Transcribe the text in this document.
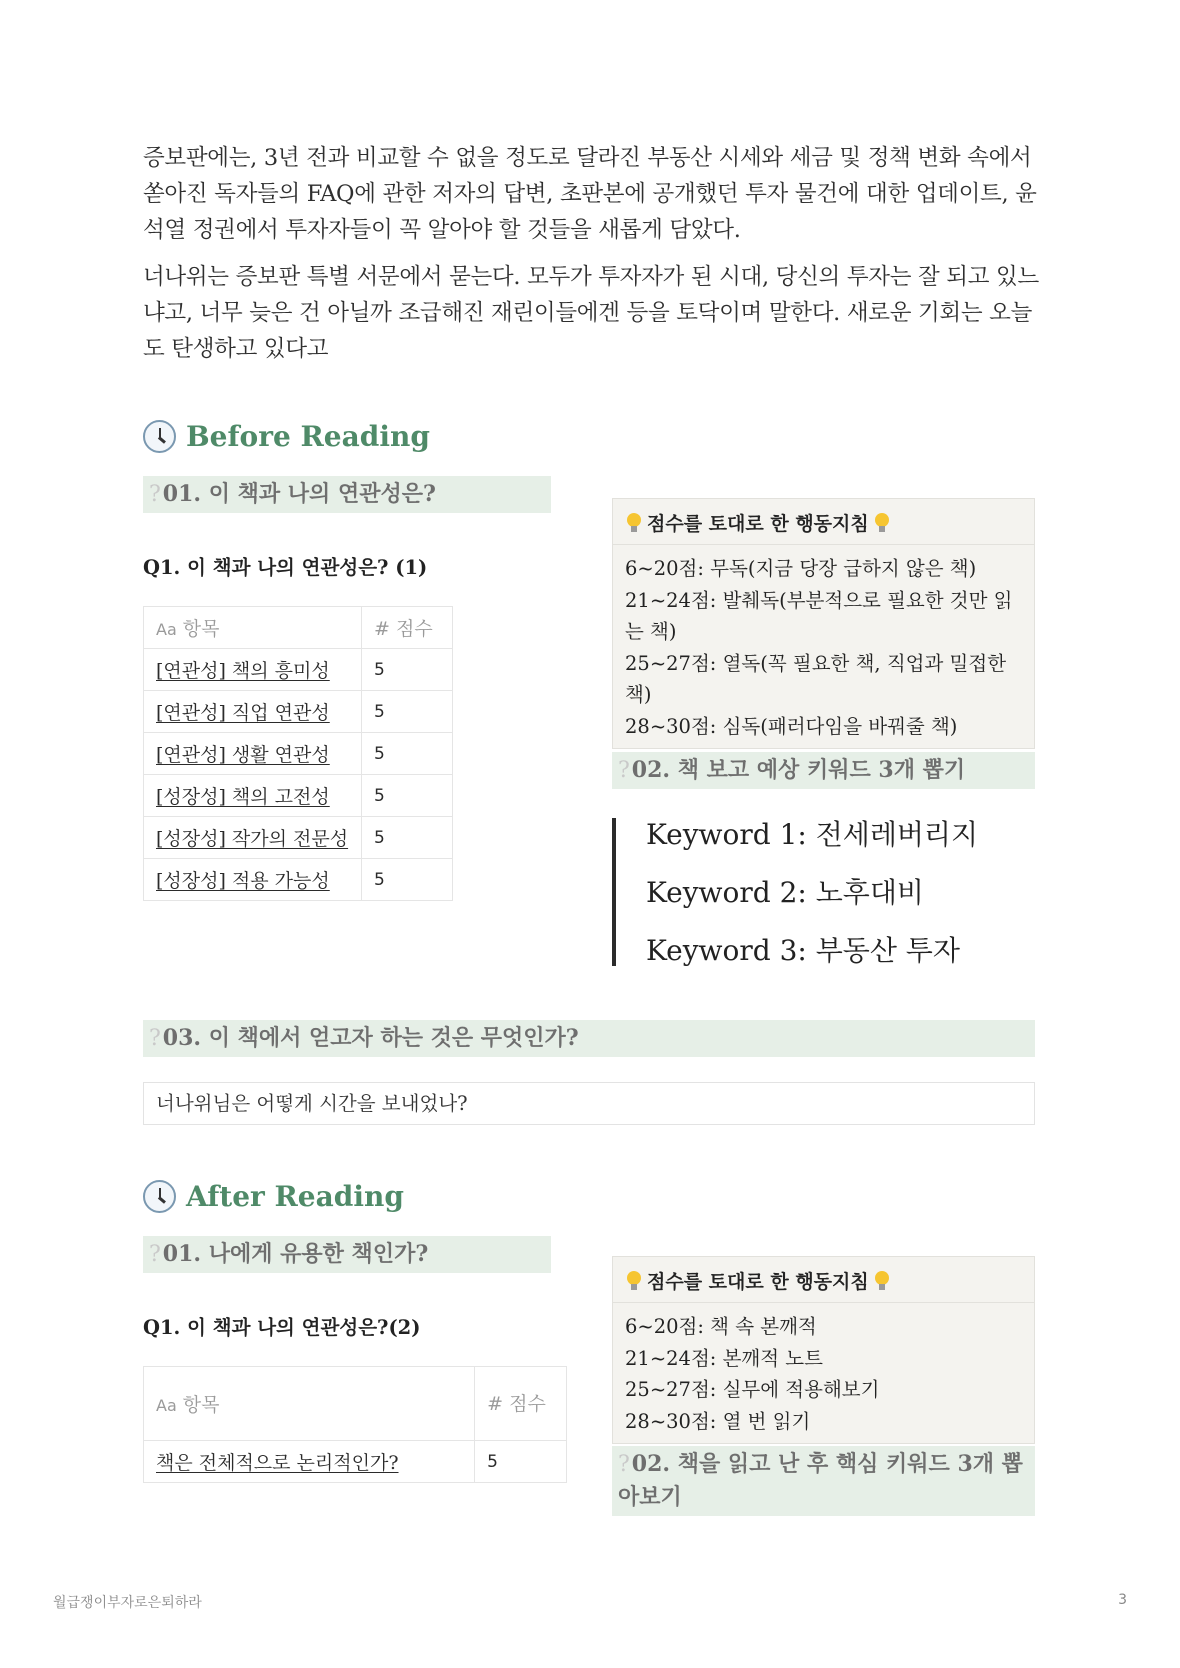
증보판에는, 3년 전과 비교할 수 없을 정도로 달라진 부동산 시세와 세금 및 정책 변화 속에서 쏟아진 독자들의 FAQ에 관한 저자의 답변, 초판본에 공개했던 투자 물건에 대한 업데이트, 윤석열 정권에서 투자자들이 꼭 알아야 할 것들을 새롭게 담았다.

너나위는 증보판 특별 서문에서 묻는다. 모두가 투자자가 된 시대, 당신의 투자는 잘 되고 있느냐고, 너무 늦은 건 아닐까 조급해진 재린이들에겐 등을 토닥이며 말한다. 새로운 기회는 오늘도 탄생하고 있다고

Before Reading
?01. 이 책과 나의 연관성은?
Q1. 이 책과 나의 연관성은? (1)
Aa 항목	# 점수
[연관성] 책의 흥미성	5
[연관성] 직업 연관성	5
[연관성] 생활 연관성	5
[성장성] 책의 고전성	5
[성장성] 작가의 전문성	5
[성장성] 적용 가능성	5
점수를 토대로 한 행동지침
6~20점: 무독(지금 당장 급하지 않은 책)
21~24점: 발췌독(부분적으로 필요한 것만 읽는 책)
25~27점: 열독(꼭 필요한 책, 직업과 밀접한 책)
28~30점: 심독(패러다임을 바꿔줄 책)
?02. 책 보고 예상 키워드 3개 뽑기
Keyword 1: 전세레버리지
Keyword 2: 노후대비
Keyword 3: 부동산 투자
?03. 이 책에서 얻고자 하는 것은 무엇인가?
너나위님은 어떻게 시간을 보내었나?
After Reading
?01. 나에게 유용한 책인가?
Q1. 이 책과 나의 연관성은?(2)
Aa 항목	# 점수
책은 전체적으로 논리적인가?	5
점수를 토대로 한 행동지침
6~20점: 책 속 본깨적
21~24점: 본깨적 노트
25~27점: 실무에 적용해보기
28~30점: 열 번 읽기
?02. 책을 읽고 난 후 핵심 키워드 3개 뽑아보기
월급쟁이부자로은퇴하라	3
